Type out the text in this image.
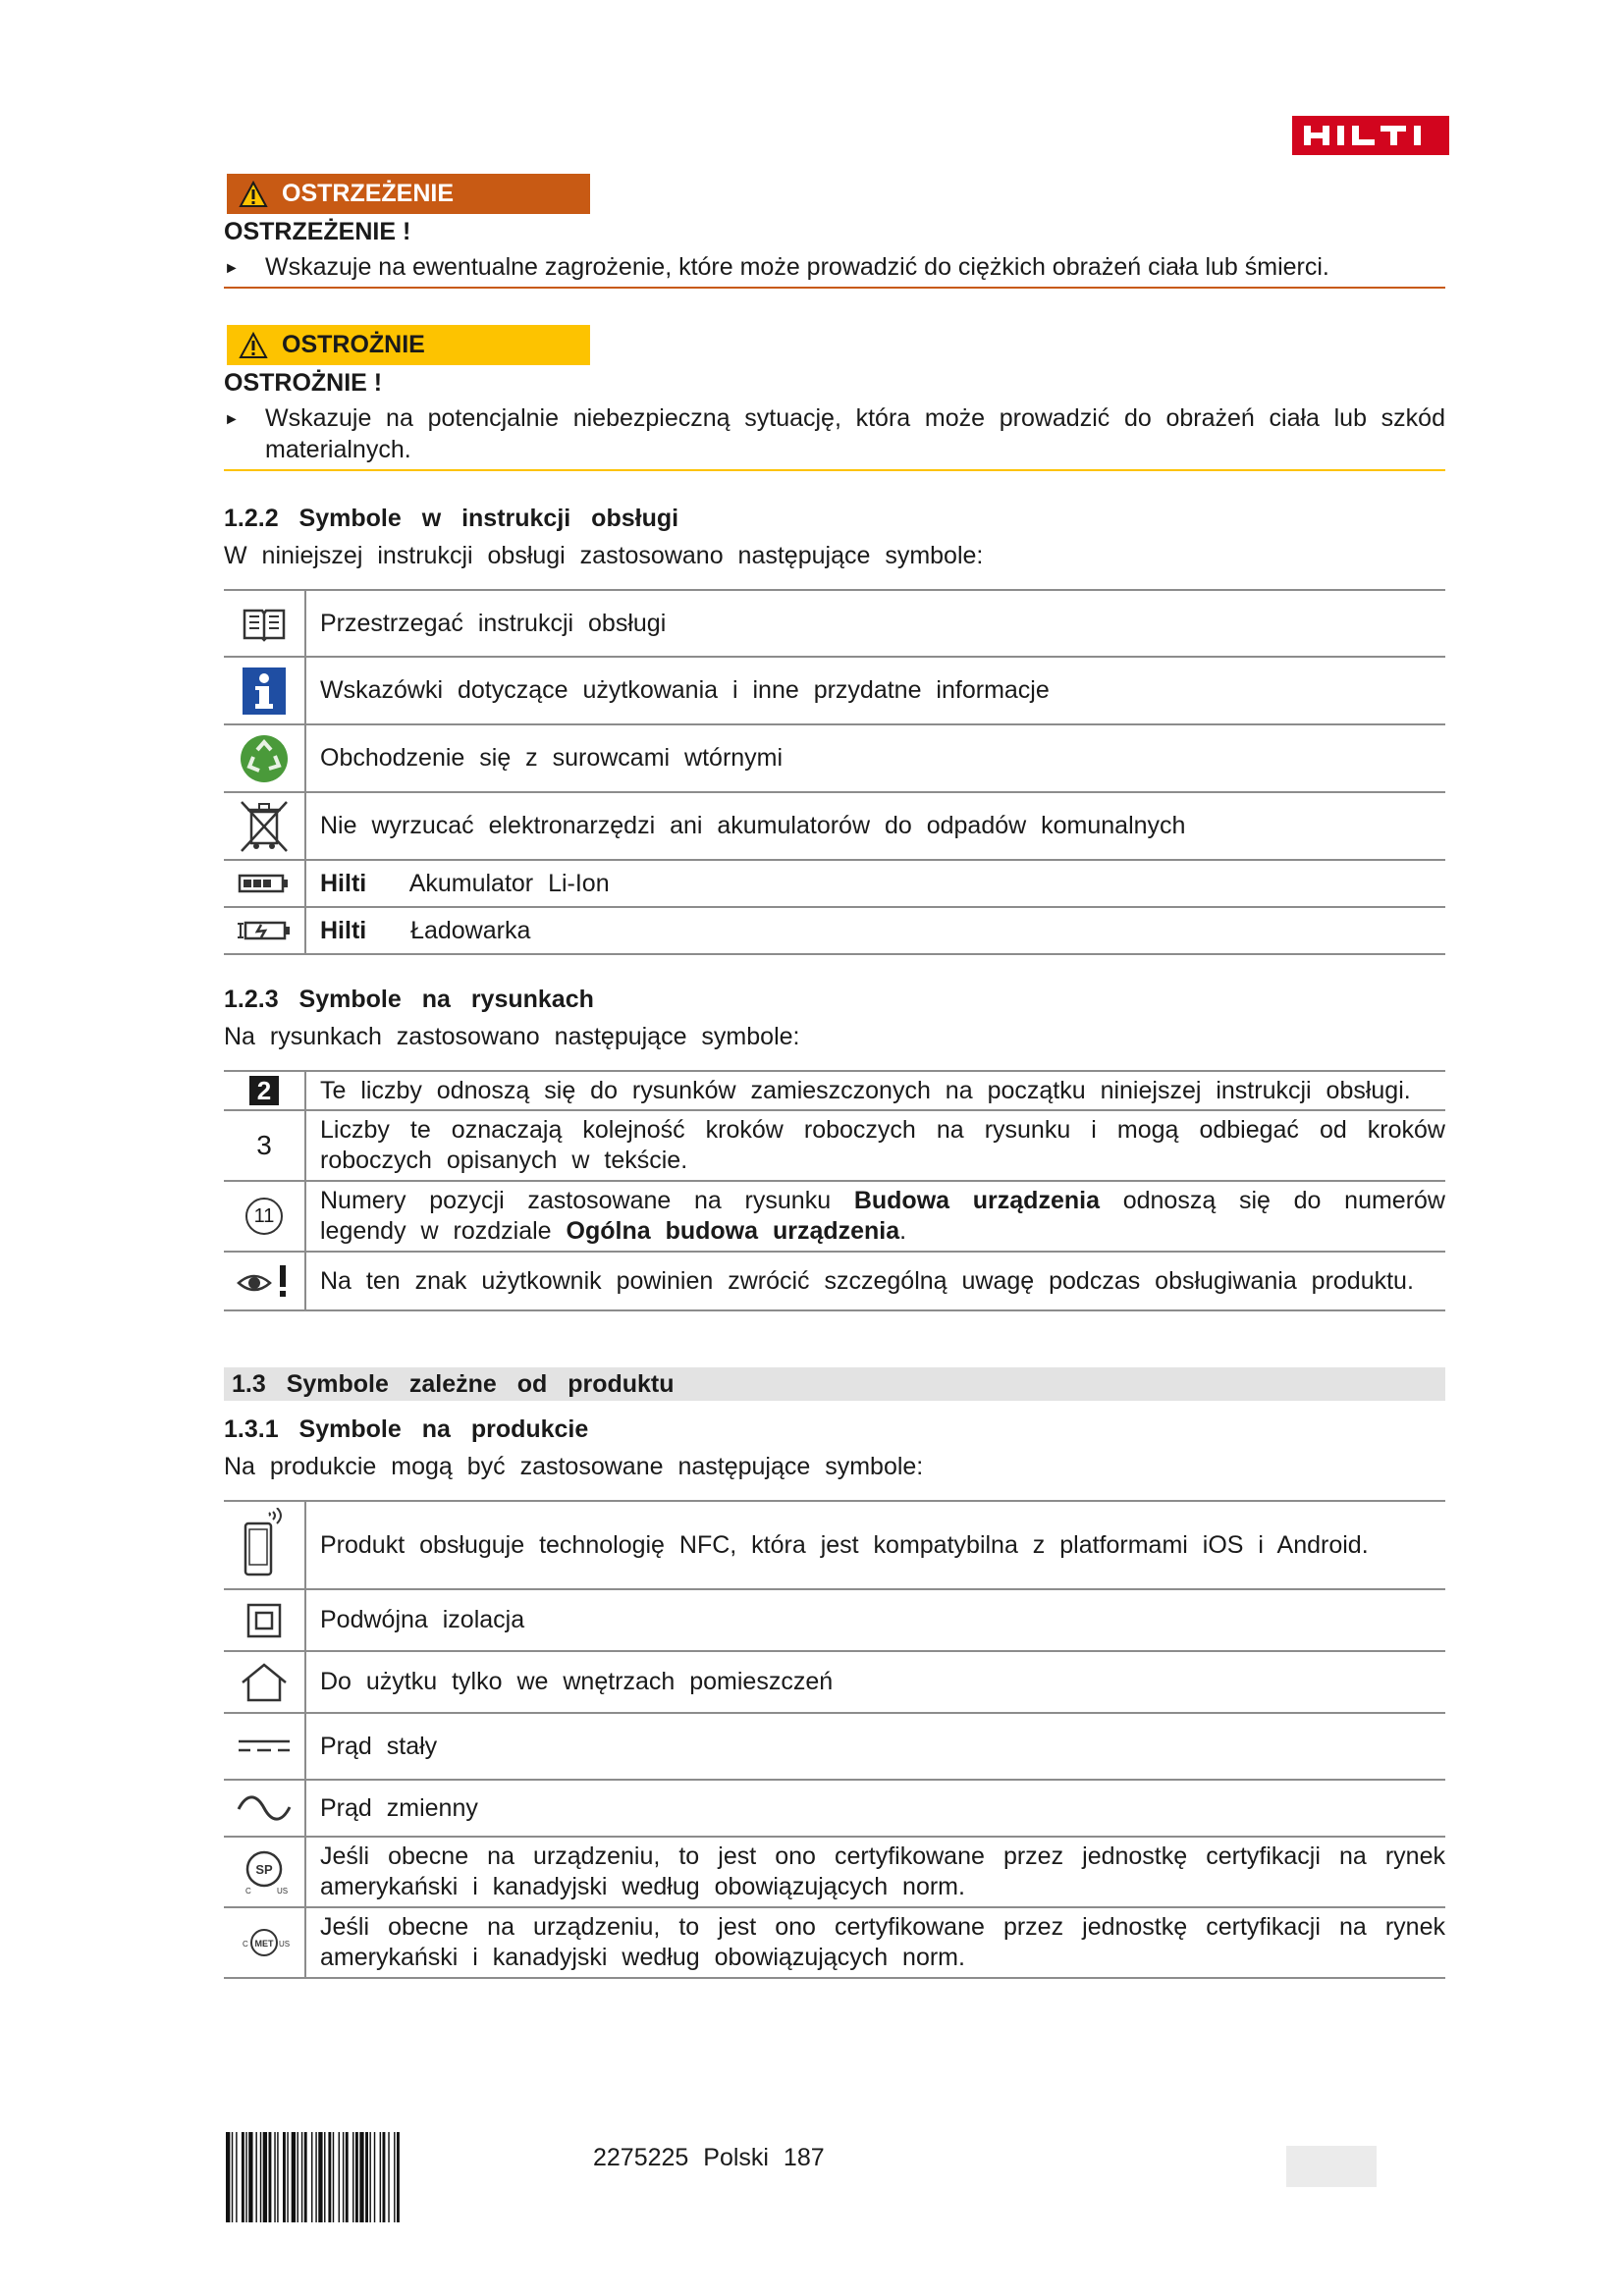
OSTRZEŻENIE
OSTRZEŻENIE !
►	Wskazuje na ewentualne zagrożenie, które może prowadzić do ciężkich obrażeń ciała lub śmierci.
OSTROŻNIE
OSTROŻNIE !
►	Wskazuje na potencjalnie niebezpieczną sytuację, która może prowadzić do obrażeń ciała lub szkód materialnych.
1.2.2 Symbole w instrukcji obsługi
W niniejszej instrukcji obsługi zastosowano następujące symbole:
	Przestrzegać instrukcji obsługi

	Wskazówki dotyczące użytkowania i inne przydatne informacje

	Obchodzenie się z surowcami wtórnymi

	Nie wyrzucać elektronarzędzi ani akumulatorów do odpadów komunalnych

	Hilti Akumulator Li-Ion

	Hilti Ładowarka
1.2.3 Symbole na rysunkach
Na rysunkach zastosowano następujące symbole:
2	Te liczby odnoszą się do rysunków zamieszczonych na początku niniejszej instrukcji obsługi.
3	Liczby te oznaczają kolejność kroków roboczych na rysunku i mogą odbiegać od kroków roboczych opisanych w tekście.

11	Numery pozycji zastosowane na rysunku Budowa urządzenia odnoszą się do numerów legendy w rozdziale Ogólna budowa urządzenia.

	Na ten znak użytkownik powinien zwrócić szczególną uwagę podczas obsługiwania produktu.
1.3 Symbole zależne od produktu
1.3.1 Symbole na produkcie
Na produkcie mogą być zastosowane następujące symbole:
	Produkt obsługuje technologię NFC, która jest kompatybilna z platformami iOS i Android.

	Podwójna izolacja

	Do użytku tylko we wnętrzach pomieszczeń

	Prąd stały

	Prąd zmienny

SP
C US	Jeśli obecne na urządzeniu, to jest ono certyfikowane przez jednostkę certyfikacji na rynek amerykański i kanadyjski według obowiązujących norm.

MET
C US	Jeśli obecne na urządzeniu, to jest ono certyfikowane przez jednostkę certyfikacji na rynek amerykański i kanadyjski według obowiązujących norm.
2275225 Polski 187
